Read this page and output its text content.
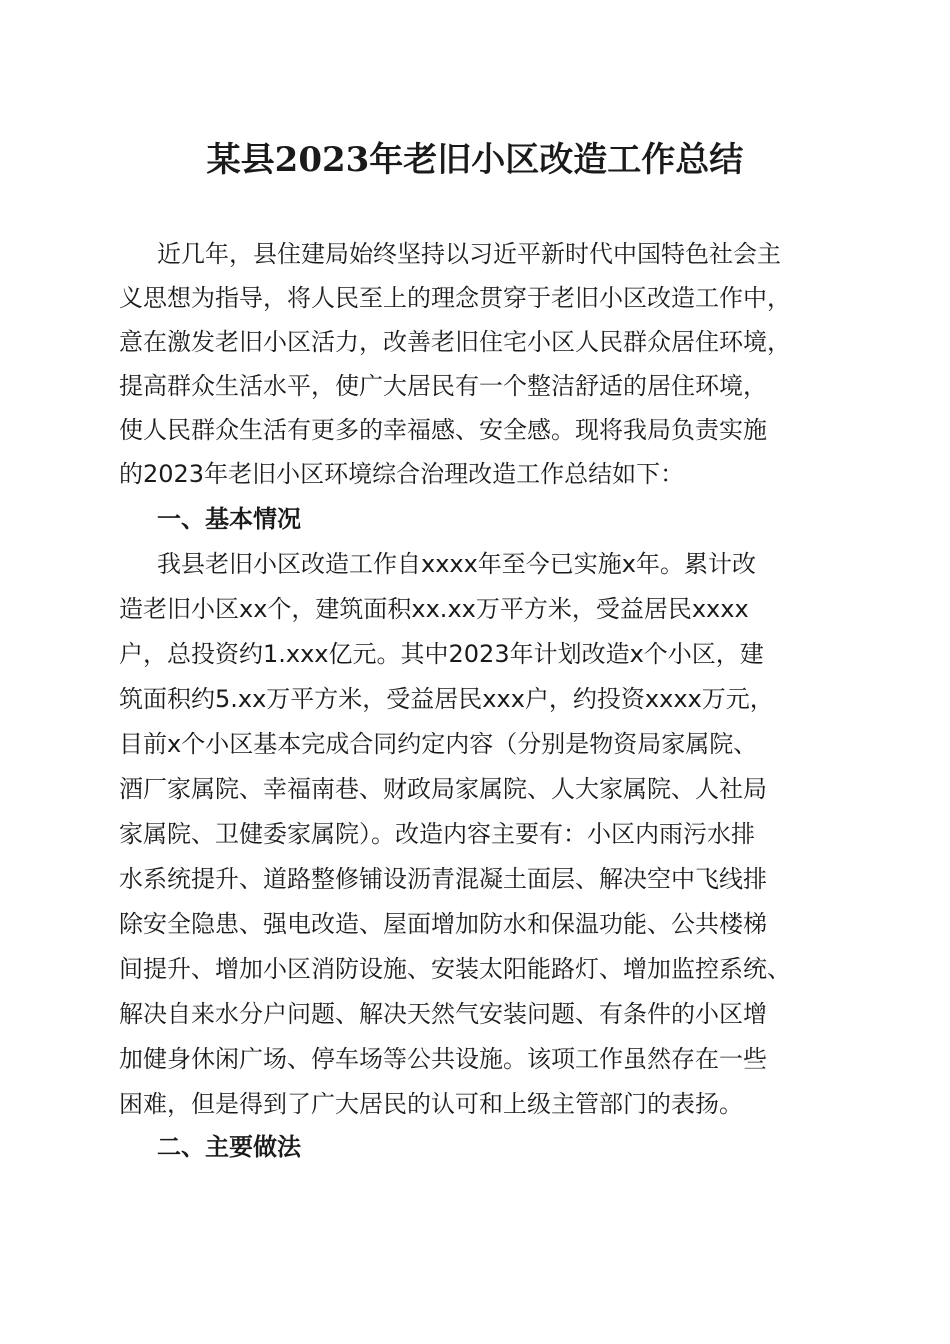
某县2023年老旧小区改造工作总结
近几年，县住建局始终坚持以习近平新时代中国特色社会主
义思想为指导，将人民至上的理念贯穿于老旧小区改造工作中，
意在激发老旧小区活力，改善老旧住宅小区人民群众居住环境，
提高群众生活水平，使广大居民有一个整洁舒适的居住环境，
使人民群众生活有更多的幸福感、安全感。现将我局负责实施
的2023年老旧小区环境综合治理改造工作总结如下：
一、基本情况
我县老旧小区改造工作自xxxx年至今已实施x年。累计改
造老旧小区xx个，建筑面积xx.xx万平方米，受益居民xxxx
户，总投资约1.xxx亿元。其中2023年计划改造x个小区，建
筑面积约5.xx万平方米，受益居民xxx户，约投资xxxx万元，
目前x个小区基本完成合同约定内容（分别是物资局家属院、
酒厂家属院、幸福南巷、财政局家属院、人大家属院、人社局
家属院、卫健委家属院）。改造内容主要有：小区内雨污水排
水系统提升、道路整修铺设沥青混凝土面层、解决空中飞线排
除安全隐患、强电改造、屋面增加防水和保温功能、公共楼梯
间提升、增加小区消防设施、安装太阳能路灯、增加监控系统、
解决自来水分户问题、解决天然气安装问题、有条件的小区增
加健身休闲广场、停车场等公共设施。该项工作虽然存在一些
困难，但是得到了广大居民的认可和上级主管部门的表扬。
二、主要做法
